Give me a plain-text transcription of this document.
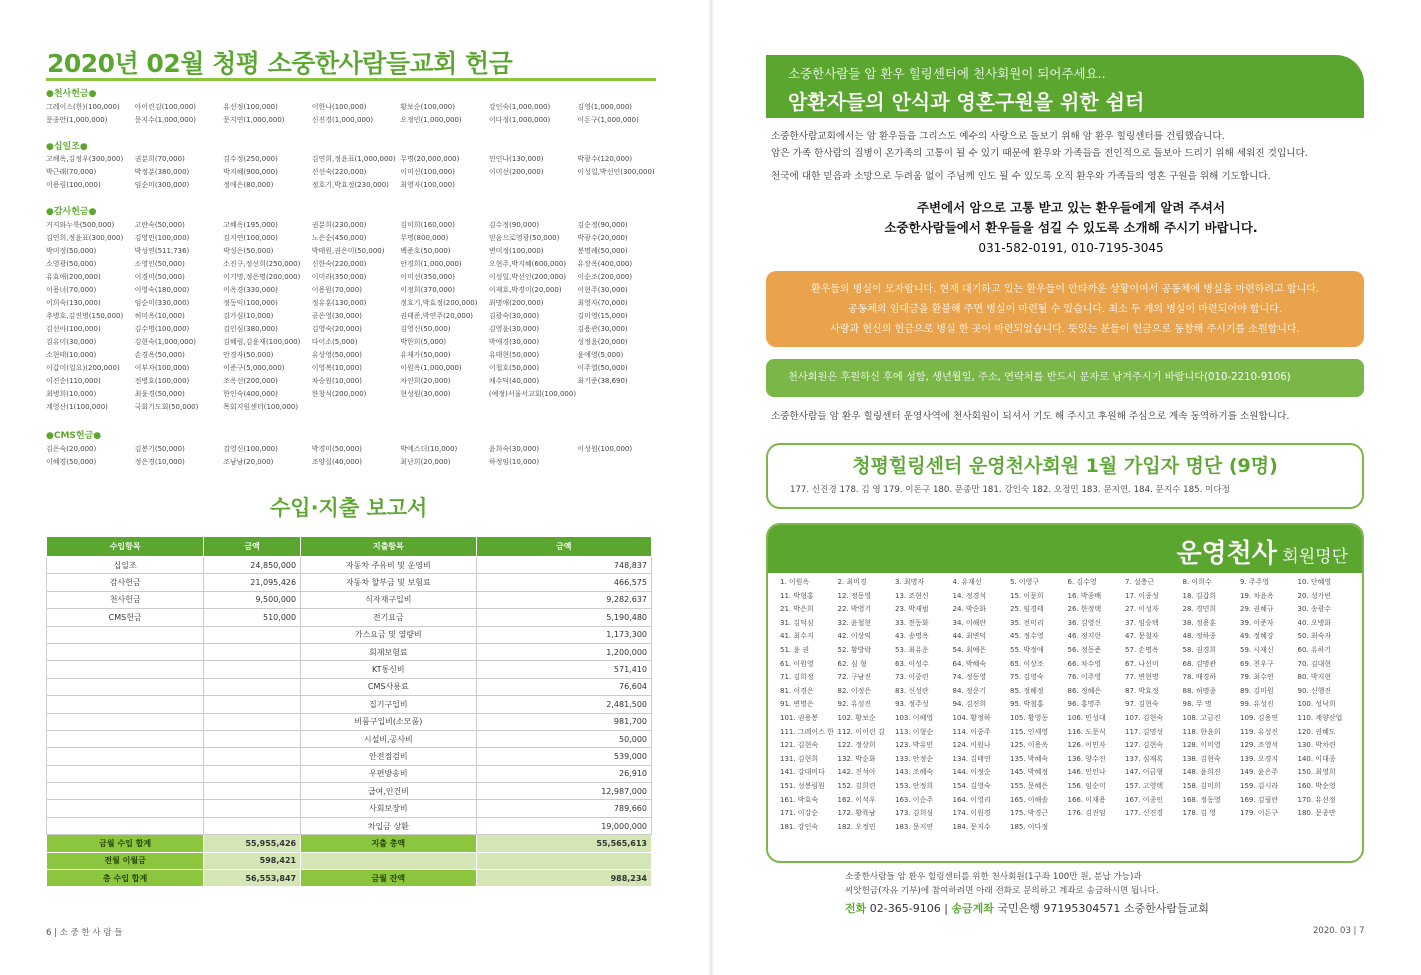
2020년 02월 청평 소중한사람들교회 헌금
●천사헌금●
그레이스(한)(100,000)	아이린김(100,000)	유선정(100,000)	이한나(100,000)	황보순(100,000)	강인숙(1,000,000)	김영(1,000,000)
문종만(1,000,000)	문지수(1,000,000)	문지연(1,000,000)	신진경(1,000,000)	오정민(1,000,000)	이다정(1,000,000)	이돈구(1,000,000)
●십일조●
고해옥,김정우(300,000)	권분희(70,000)	김수정(250,000)	김연희,정윤표(1,000,000) 무명(20,000,000)	민인나(130,000)	박광수(120,000)
박근래(70,000)	박정분(380,000)	박지혜(900,000)	신선숙(220,000)	이미선(100,000)	이미선(200,000)	이성일,박선인(300,000)
이용림(100,000)	임순미(300,000)	정애은(80,000)	정호기,박효정(230,000)	최영자(100,000)
●감사헌금●
거지와누룩(500,000)	고란숙(50,000)	고혜옥(195,000)	권분희(230,000)	김미희(160,000)	김수정(90,000)	김순정(90,000)
김연희,정윤표(300,000)	김영민(100,000)	김지연(100,000)	노은순(450,000)	무명(800,000)	믿음으로영광(50,000)	박광수(20,000)
박미정(50,000)	박성연(511,736)	박성은(50,000)	박태원,권은미(50,000)	백준호(50,000)	변미정(100,000)	봉명례(50,000)
소영광(50,000)	소영인(50,000)	소진구,정선희(250,000)	신한숙(220,000)	안경희(1,000,000)	오현주,박지혜(600,000)	유장옥(400,000)
유효애(200,000)	이경미(50,000)	이기명,정은명(200,000)	이미라(350,000)	이미선(350,000)	이성일,박선인(200,000)	이순조(200,000)
이용녀(70,000)	이영숙(180,000)	이옥경(330,000)	이용원(70,000)	이정희(370,000)	이제호,박경미(20,000)	이현주(30,000)
이희숙(130,000)	임순미(330,000)	정동익(100,000)	정유훈(130,000)	정호기,박효정(200,000)	최명애(200,000)	최영자(70,000)
추병호,김진명(150,000)	허미옥(10,000)	김가심(10,000)	공은영(30,000)	권태준,박연주(20,000)	김광숙(30,000)	김미영(15,000)
김선아(100,000)	김수명(100,000)	김인심(380,000)	김영숙(20,000)	김영신(50,000)	김영윤(30,000)	김용관(30,000)
김유미(30,000)	김현숙(1,000,000)	김혜림,김윤재(100,000)	다이소(5,000)	박한희(5,000)	박애경(30,000)	성정윤(20,000)
소현태(10,000)	손경옥(50,000)	안경자(50,000)	유상영(50,000)	유재가(50,000)	유태현(50,000)	윤애영(5,000)
이갑미(일요)(200,000)	이부자(100,000)	이준구(5,000,000)	이영복(10,000)	이원옥(1,000,000)	이철호(50,000)	이주열(50,000)
이진순(110,000)	전병호(100,000)	조옥선(200,000)	차승원(10,000)	차인희(20,000)	채수덕(40,000)	최기준(38,690)
최병희(10,000)	최윤경(50,000)	한인숙(400,000)	한창식(200,000)	현성원(30,000)	(예정)서울서교회(100,000)
계영산(1(100,000)	국회기도회(50,000)	목회지원센터(100,000)
●CMS헌금●
김은숙(20,000)	김봉기(50,000)	김영신(100,000)	박경미(50,000)	박에스더(10,000)	윤희숙(30,000)	이성원(100,000)
이혜경(50,000)	정은경(10,000)	조남남(20,000)	조양실(40,000)	최난희(20,000)	하정임(10,000)
수입·지출 보고서
수입항목	금액	지출항목	금액
십일조	24,850,000	자동차 주유비 및 운영비	748,837
감사헌금	21,095,426	자동차 할부금 및 보험료	466,575
천사헌금	9,500,000	식자재구입비	9,282,637
CMS헌금	510,000	전기요금	5,190,480
		가스요금 및 열량비	1,173,300
		회재보험료	1,200,000
		KT통신비	571,410
		CMS사용료	76,604
		집기구입비	2,481,500
		비품구입비(소모품)	981,700
		시설비,공사비	50,000
		안전점검비	539,000
		우편방송비	26,910
		급여,인건비	12,987,000
		사회보장비	789,660
		차입금 상환	19,000,000
금월 수입 합계	55,955,426	지출 총액	55,565,613
전월 이월금	598,421		
총 수입 합계	56,553,847	금월 잔액	988,234
6 | 소 중 한 사 람 들
소중한사람들 암 환우 힐링센터에 천사회원이 되어주세요..
암환자들의 안식과 영혼구원을 위한 쉼터
소중한사람교회에서는 암 환우들을 그리스도 예수의 사랑으로 돌보기 위해 암 환우 힐링센터를 건립했습니다.
암은 가족 한사람의 질병이 온가족의 고통이 될 수 있기 때문에 환우와 가족들을 전인적으로 돌보아 드리기 위해 세워진 것입니다.
천국에 대한 믿음과 소망으로 두려움 없이 주님께 인도 될 수 있도록 오직 환우와 가족들의 영혼 구원을 위해 기도합니다.
주변에서 암으로 고통 받고 있는 환우들에게 알려 주셔서
소중한사람들에서 환우들을 섬길 수 있도록 소개해 주시기 바랍니다.
031-582-0191, 010-7195-3045
환우들의 병실이 모자랍니다. 현재 대기하고 있는 환우들이 안타까운 상황이여서 공동체에 병실을 마련하려고 합니다.
공동체의 임대금을 환불해 주면 병실이 마련될 수 있습니다. 최소 두 개의 병실이 마련되어야 합니다.
사랑과 헌신의 헌금으로 병실 한 곳이 마련되었습니다. 뜻있는 분들이 헌금으로 동참해 주시기를 소원합니다.
천사회원은 후원하신 후에 성함, 생년월일, 주소, 연락처를 반드시 문자로 남겨주시기 바랍니다(010-2210-9106)
소중한사람들 암 환우 힐링센터 운영사역에 천사회원이 되셔서 기도 해 주시고 후원해 주심으로 계속 동역하기를 소원합니다.
청평힐링센터 운영천사회원 1월 가입자 명단 (9명)
177. 신진경 178. 김 영 179. 이돈구 180. 문종만 181. 강인숙 182. 오정민 183. 문지연. 184. 문지수 185. 이다정
운영천사 회원명단
1. 이원옥	2. 최미경	3. 최명자	4. 유재선	5. 이영구	6. 김수영	7. 설충근	8. 이희수	9. 주주영	10. 단혜영
11. 박형홍	12. 정동영	13. 조현신	14. 정경석	15. 이문희	16. 박종배	17. 이종성	18. 김갑희	19. 차윤옥	20. 성가빈
21. 박은희	22. 박영기	23. 박재범	24. 박순화	25. 임경태	26. 한정택	27. 이성자	28. 경민희	29. 권혜규	30. 송광수
31. 김덕심	32. 윤철현	33. 전동화	34. 이해란	35. 전미리	36. 김영신	37. 임승택	38. 정용훈	39. 이준자	40. 오병화
41. 최수지	42. 이상익	43. 송명옥	44. 최변덕	45. 정수영	46. 정지런	47. 문철자	48. 정하종	49. 정혜강	50. 최숙자
51. 윤 권	52. 황방락	53. 최유운	54. 최예은	55. 박정애	56. 정동준	57. 손명옥	58. 권경희	59. 시재신	60. 유하기
61. 이원영	62. 심 형	63. 이성수	64. 박혜숙	65. 이상조	66. 차수영	67. 나선미	68. 김명관	69. 천우구	70. 김대현
71. 김희정	72. 구남진	73. 이중련	74. 정동영	75. 김영숙	76. 이주영	77. 변현명	78. 배경하	79. 최수연	80. 박지현
81. 이경은	82. 이정은	83. 신성란	84. 정운기	85. 정혜정	86. 정혜은	87. 박효정	88. 허명종	89. 김미원	90. 신행진
91. 변명은	92. 유성진	93. 정주성	94. 김진희	95. 박철홍	96. 홍명주	97. 김현숙	98. 무 명	99. 유성진	100. 성낙희
101. 권용봉	102. 황보순	103. 이혜영	104. 황정하	105. 황영동	106. 민성대	107. 김현숙	108. 고금진	109. 김용연	110. 계양산업
111. 그레이스 한 112. 이이린 김	113. 이형순	114. 이중주	115. 인세영	116. 도문식	117. 김명성	118. 한윤희	119. 유성진	120. 권혜도
121. 김현숙	122. 정상희	123. 박유민	124. 이원나	125. 이용옥	126. 이민자	127. 김현숙	128. 이미영	129. 조영석	130. 박차련
131. 김현희	132. 박순화	133. 안정순	134. 김태연	135. 박혜숙	136. 양수진	137. 심재록	138. 김현숙	139. 오경지	140. 이대종
141. 강대비다	142. 진석아	143. 조혜숙	144. 이정순	145. 박혜정	146. 민인나	147. 이금형	148. 윤희진	149. 윤은주	150. 최영희
151. 성봉림원	152. 김희련	153. 안정희	154. 김영숙	155. 문혜은	156. 임순미	157. 고영택	158. 김미희	159. 김시라	160. 박순영
161. 박효숙	162. 이석우	163. 이순주	164. 이영리	165. 이해솔	166. 이재용	167. 이종인	168. 정동영	169. 김필란	170. 유선정
171. 이강순	172. 황륙남	173. 김희심	174. 이원경	175. 박경근	176. 김진임	177. 신진경	178. 김 영	179. 이돈구	180. 문종만
181. 강인숙	182. 오정민	183. 문지연	184. 문지수	185. 이다정
소중한사람들 암 환우 힐링센터를 위한 천사회원(1구좌 100만 원, 분납 가능)과
씨앗헌금(자유 기부)에 참여하려면 아래 전화로 문의하고 계좌로 송금하시면 됩니다.
전화 02-365-9106 | 송금계좌 국민은행 97195304571 소중한사람들교회
2020. 03 | 7
